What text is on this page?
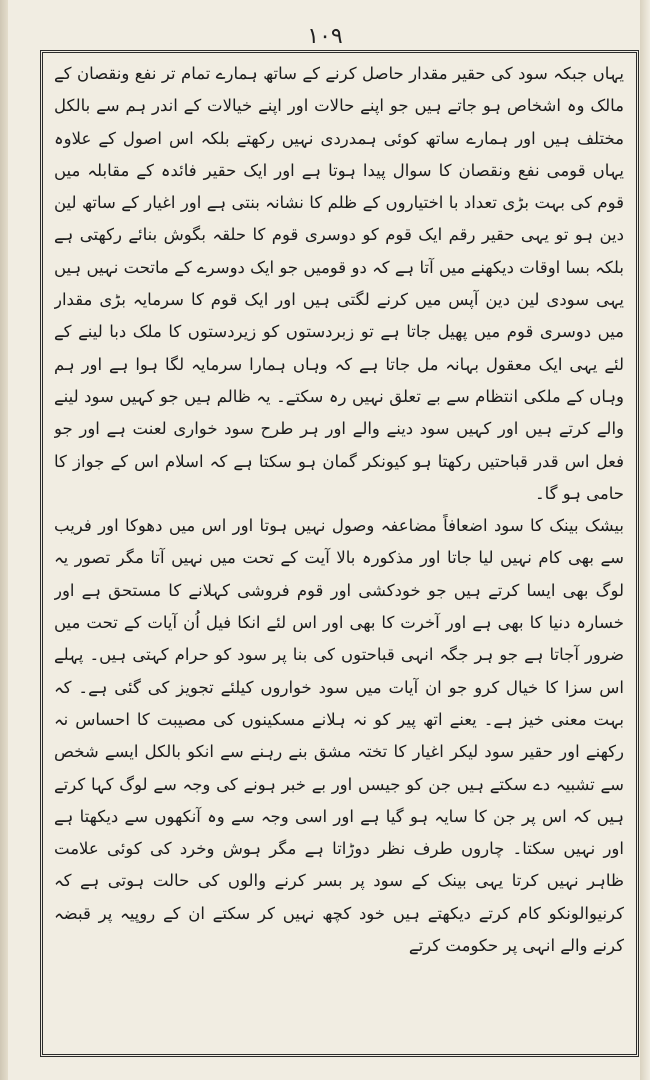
۱۰۹

یہاں جبکہ سود کی حقیر مقدار حاصل کرنے کے ساتھ ہمارے تمام تر نفع ونقصان کے مالک وہ اشخاص ہو جاتے ہیں جو اپنے حالات اور اپنے خیالات کے اندر ہم سے بالکل مختلف ہیں اور ہمارے ساتھ کوئی ہمدردی نہیں رکھتے بلکہ اس اصول کے علاوہ یہاں قومی نفع ونقصان کا سوال پیدا ہوتا ہے اور ایک حقیر فائدہ کے مقابلہ میں قوم کی بہت بڑی تعداد با اختیاروں کے ظلم کا نشانہ بنتی ہے اور اغیار کے ساتھ لین دین ہو تو یہی حقیر رقم ایک قوم کو دوسری قوم کا حلقہ بگوش بنائے رکھتی ہے بلکہ بسا اوقات دیکھنے میں آتا ہے کہ دو قومیں جو ایک دوسرے کے ماتحت نہیں ہیں یہی سودی لین دین آپس میں کرنے لگتی ہیں اور ایک قوم کا سرمایہ بڑی مقدار میں دوسری قوم میں پھیل جاتا ہے تو زبردستوں کو زیردستوں کا ملک دبا لینے کے لئے یہی ایک معقول بہانہ مل جاتا ہے کہ وہاں ہمارا سرمایہ لگا ہوا ہے اور ہم وہاں کے ملکی انتظام سے بے تعلق نہیں رہ سکتے۔ یہ ظالم ہیں جو کہیں سود لینے والے کرتے ہیں اور کہیں سود دینے والے اور ہر طرح سود خواری لعنت ہے اور جو فعل اس قدر قباحتیں رکھتا ہو کیونکر گمان ہو سکتا ہے کہ اسلام اس کے جواز کا حامی ہو گا۔

بیشک بینک کا سود اضعافاً مضاعفہ وصول نہیں ہوتا اور اس میں دھوکا اور فریب سے بھی کام نہیں لیا جاتا اور مذکورہ بالا آیت کے تحت میں نہیں آتا مگر تصور یہ لوگ بھی ایسا کرتے ہیں جو خودکشی اور قوم فروشی کہلانے کا مستحق ہے اور خسارہ دنیا کا بھی ہے اور آخرت کا بھی اور اس لئے انکا فیل اُن آیات کے تحت میں ضرور آجاتا ہے جو ہر جگہ انہی قباحتوں کی بنا پر سود کو حرام کہتی ہیں۔ پہلے اس سزا کا خیال کرو جو ان آیات میں سود خواروں کیلئے تجویز کی گئی ہے۔ کہ بہت معنی خیز ہے۔ یعنے اتھ پیر کو نہ ہلانے مسکینوں کی مصیبت کا احساس نہ رکھنے اور حقیر سود لیکر اغیار کا تختہ مشق بنے رہنے سے انکو بالکل ایسے شخص سے تشبیہ دے سکتے ہیں جن کو جیسں اور بے خبر ہونے کی وجہ سے لوگ کہا کرتے ہیں کہ اس پر جن کا سایہ ہو گیا ہے اور اسی وجہ سے وہ آنکھوں سے دیکھتا ہے اور نہیں سکتا۔ چاروں طرف نظر دوڑاتا ہے مگر ہوش وخرد کی کوئی علامت ظاہر نہیں کرتا یہی بینک کے سود پر بسر کرنے والوں کی حالت ہوتی ہے کہ کرنیوالونکو کام کرتے دیکھتے ہیں خود کچھ نہیں کر سکتے ان کے روپیہ پر قبضہ کرنے والے انہی پر حکومت کرتے
